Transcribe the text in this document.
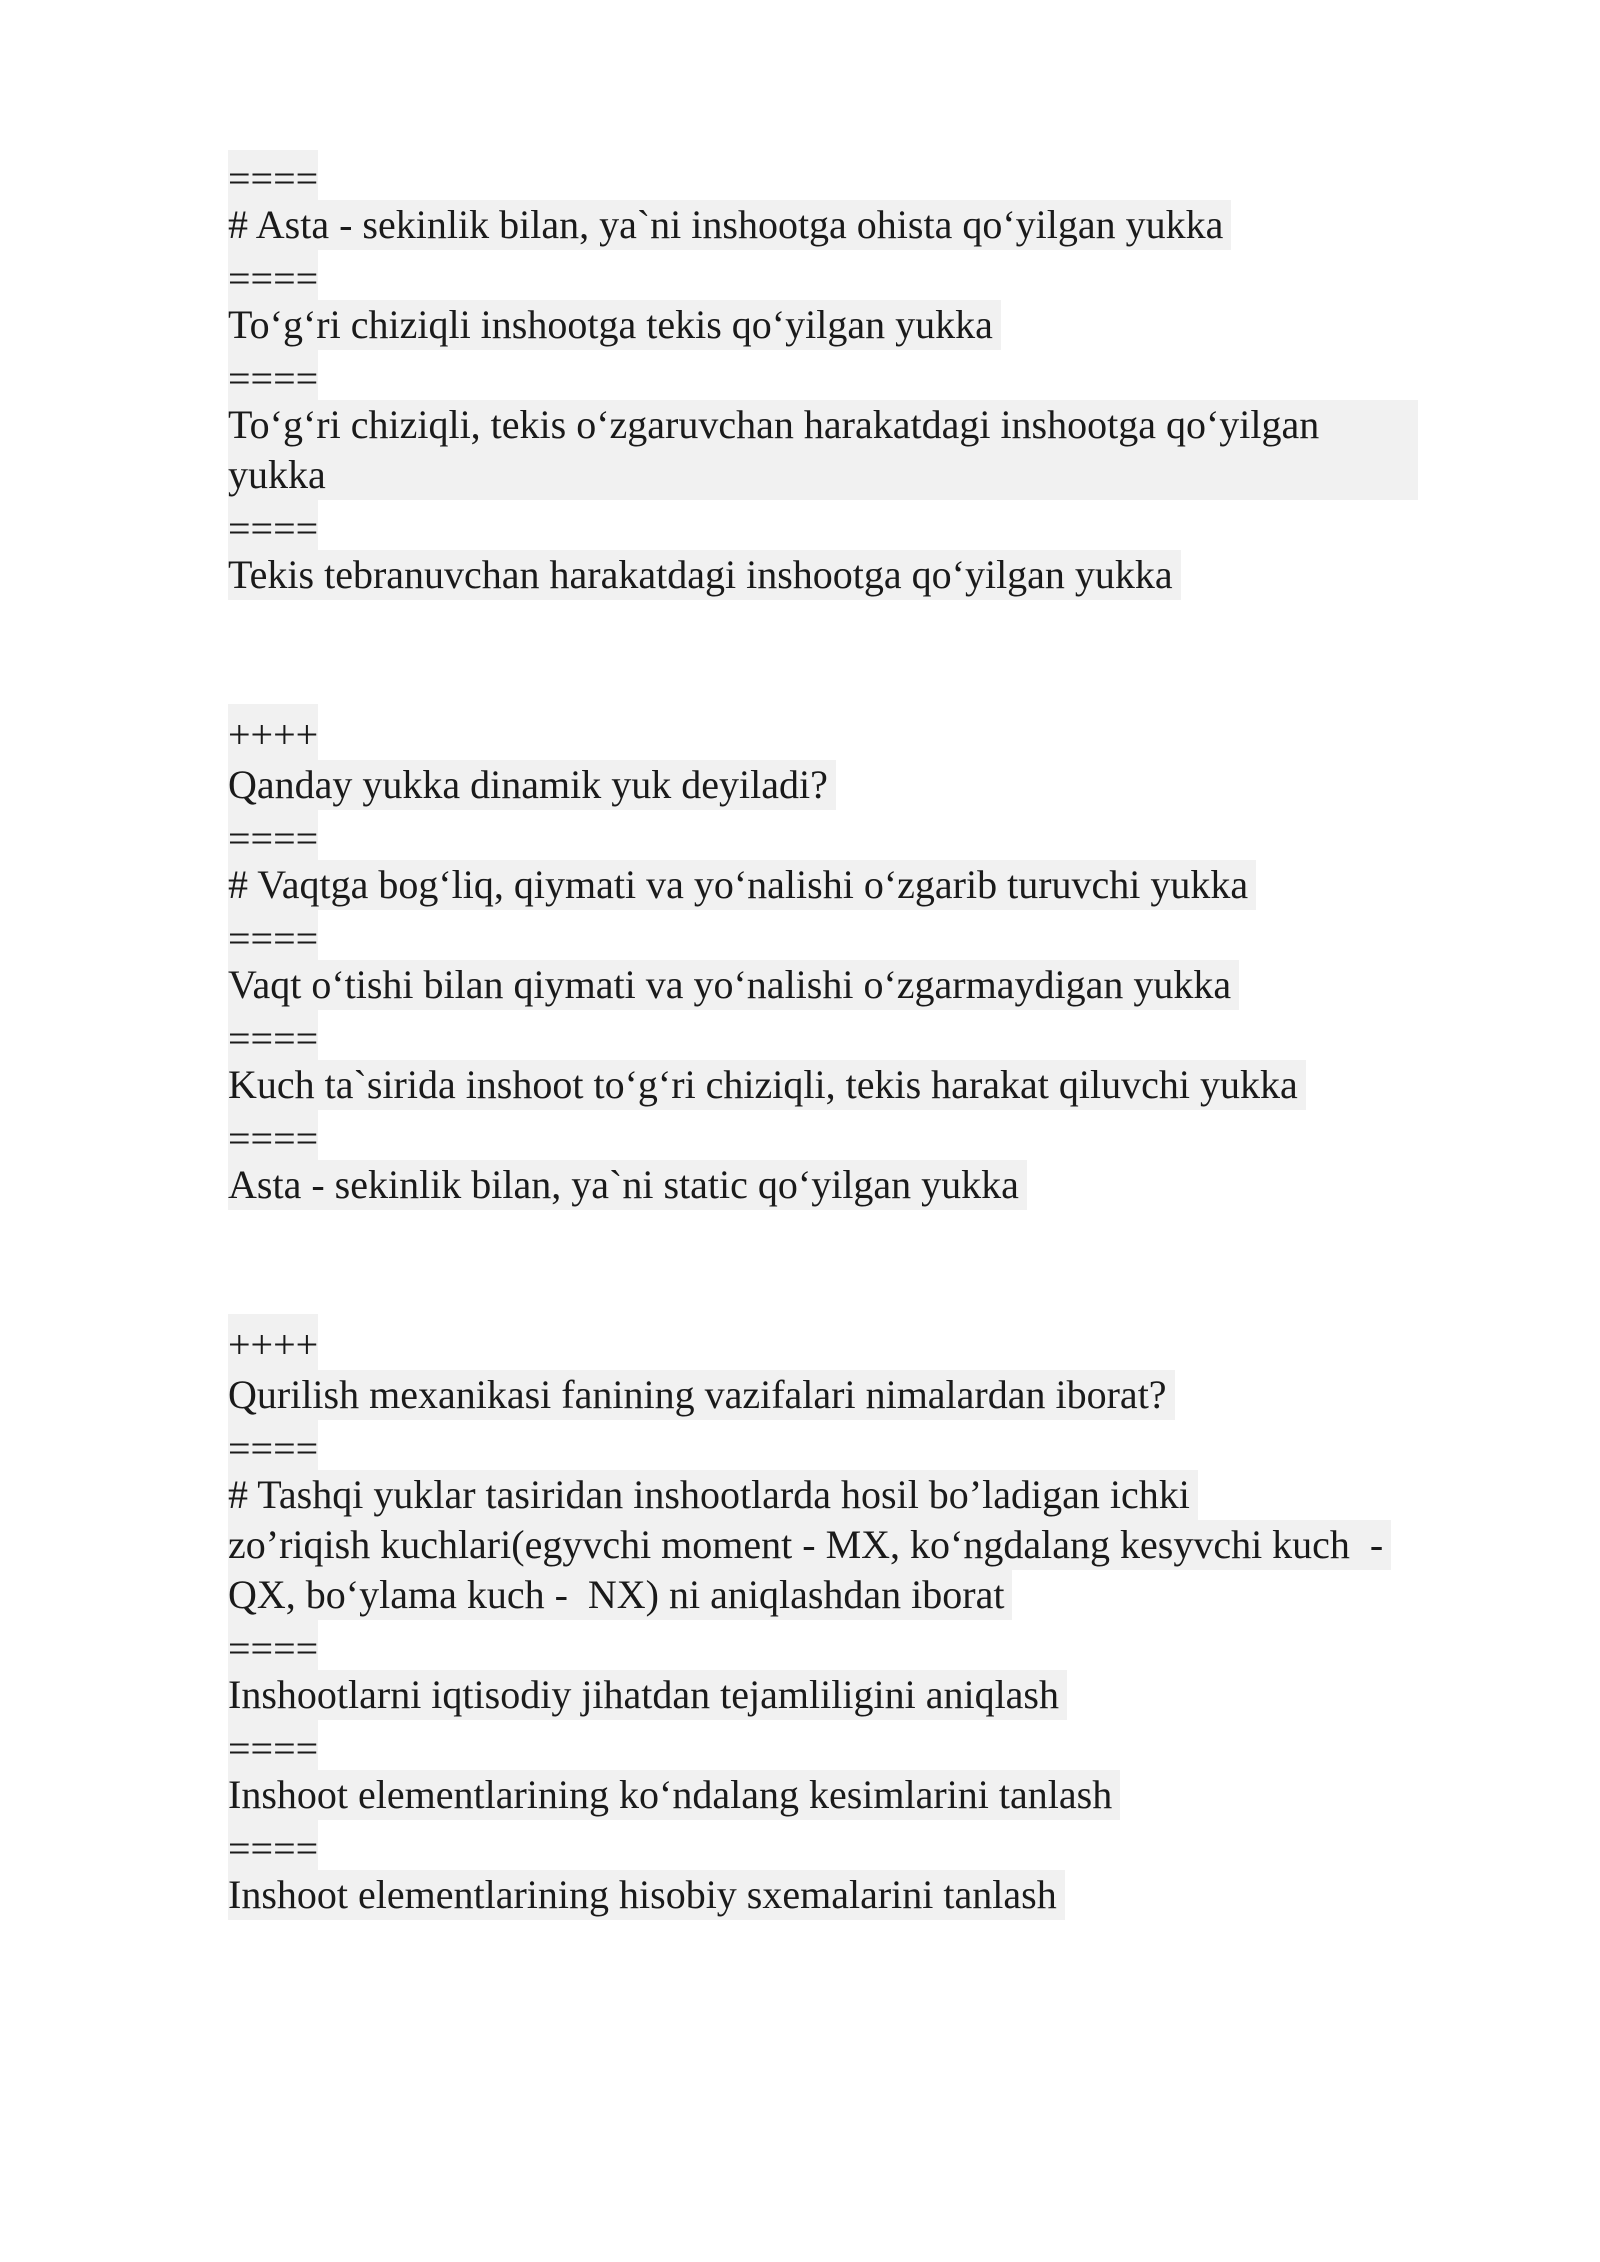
====
# Asta - sekinlik bilan, ya`ni inshootga ohista qo‘yilgan yukka
====
To‘g‘ri chiziqli inshootga tekis qo‘yilgan yukka
====
To‘g‘ri chiziqli, tekis o‘zgaruvchan harakatdagi inshootga qo‘yilgan yukka
====
Tekis tebranuvchan harakatdagi inshootga qo‘yilgan yukka
++++
Qanday yukka dinamik yuk deyiladi?
====
# Vaqtga bog‘liq, qiymati va yo‘nalishi o‘zgarib turuvchi yukka
====
Vaqt o‘tishi bilan qiymati va yo‘nalishi o‘zgarmaydigan yukka
====
Kuch ta`sirida inshoot to‘g‘ri chiziqli, tekis harakat qiluvchi yukka
====
Asta - sekinlik bilan, ya`ni static qo‘yilgan yukka
++++
Qurilish mexanikasi fanining vazifalari nimalardan iborat?
====
# Tashqi yuklar tasiridan inshootlarda hosil bo’ladigan ichki
zo’riqish kuchlari(egyvchi moment - MX, ko‘ngdalang kesyvchi kuch  -
QX, bo‘ylama kuch -  NX) ni aniqlashdan iborat
====
Inshootlarni iqtisodiy jihatdan tejamliligini aniqlash
====
Inshoot elementlarining ko‘ndalang kesimlarini tanlash
====
Inshoot elementlarining hisobiy sxemalarini tanlash
